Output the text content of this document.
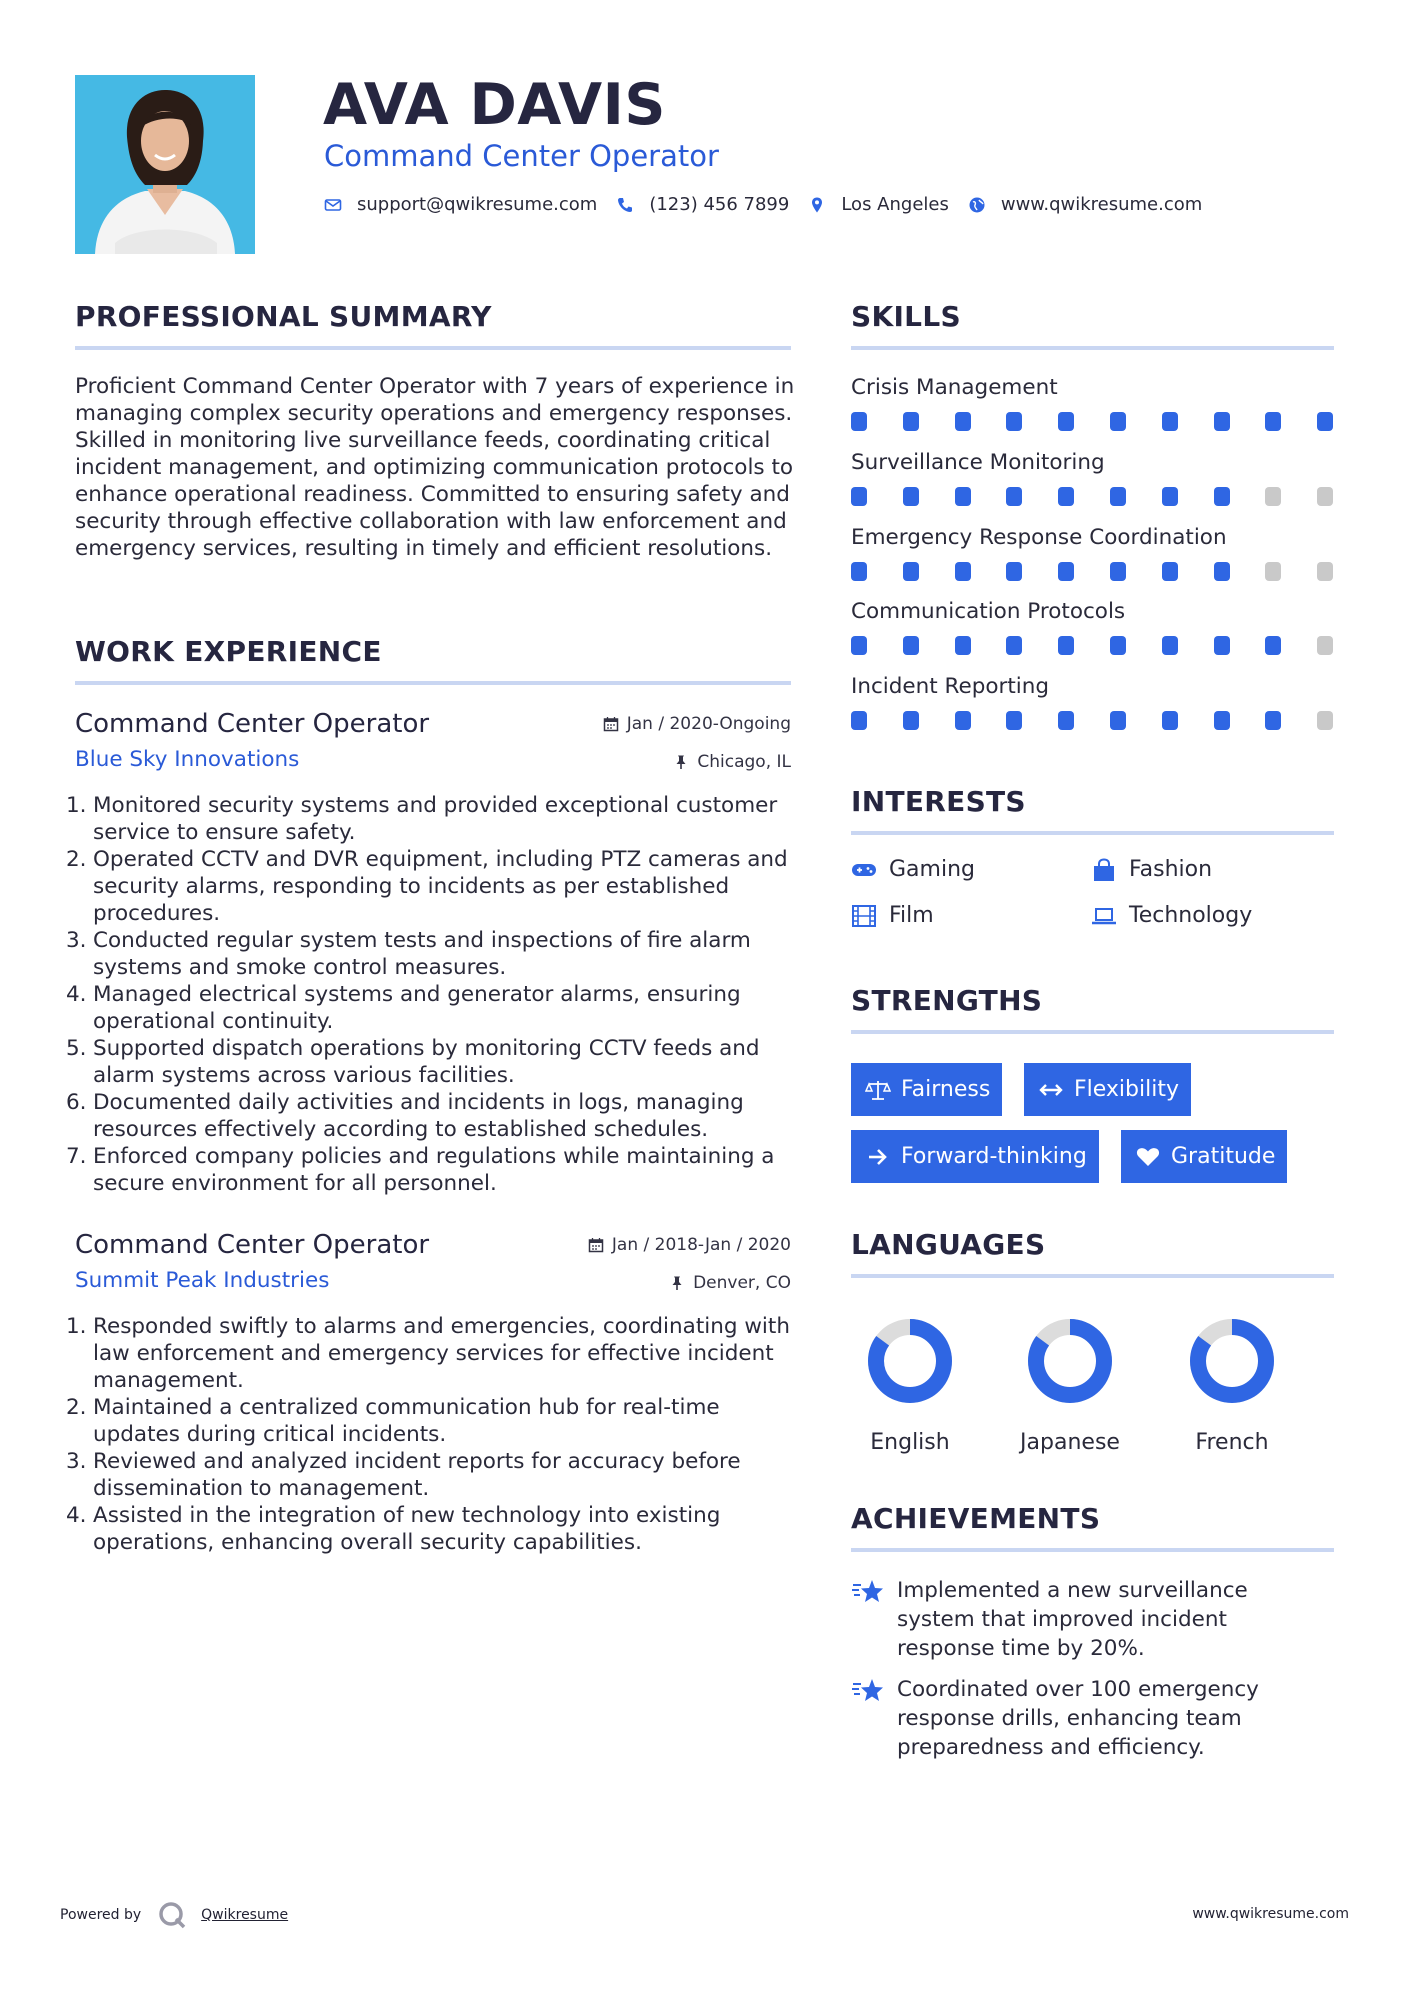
AVA DAVIS
Command Center Operator
support@qwikresume.com	(123) 456 7899	Los Angeles	www.qwikresume.com
PROFESSIONAL SUMMARY

Proficient Command Center Operator with 7 years of experience in managing complex security operations and emergency responses. Skilled in monitoring live surveillance feeds, coordinating critical incident management, and optimizing communication protocols to enhance operational readiness. Committed to ensuring safety and security through effective collaboration with law enforcement and emergency services, resulting in timely and efficient resolutions.

WORK EXPERIENCE
Command Center Operator	Jan / 2020-Ongoing
Blue Sky Innovations	Chicago, IL
1. Monitored security systems and provided exceptional customer service to ensure safety.
2. Operated CCTV and DVR equipment, including PTZ cameras and security alarms, responding to incidents as per established procedures.
3. Conducted regular system tests and inspections of fire alarm systems and smoke control measures.
4. Managed electrical systems and generator alarms, ensuring operational continuity.
5. Supported dispatch operations by monitoring CCTV feeds and alarm systems across various facilities.
6. Documented daily activities and incidents in logs, managing resources effectively according to established schedules.
7. Enforced company policies and regulations while maintaining a secure environment for all personnel.
Command Center Operator	Jan / 2018-Jan / 2020
Summit Peak Industries	Denver, CO
1. Responded swiftly to alarms and emergencies, coordinating with law enforcement and emergency services for effective incident management.
2. Maintained a centralized communication hub for real-time updates during critical incidents.
3. Reviewed and analyzed incident reports for accuracy before dissemination to management.
4. Assisted in the integration of new technology into existing operations, enhancing overall security capabilities.
SKILLS
Crisis Management
Surveillance Monitoring
Emergency Response Coordination
Communication Protocols
Incident Reporting
INTERESTS
Gaming	Fashion
Film	Technology
STRENGTHS
Fairness	Flexibility
Forward-thinking	Gratitude
LANGUAGES
English	Japanese	French
ACHIEVEMENTS
Implemented a new surveillance system that improved incident response time by 20%.
Coordinated over 100 emergency response drills, enhancing team preparedness and efficiency.
Powered by	Qwikresume	www.qwikresume.com
